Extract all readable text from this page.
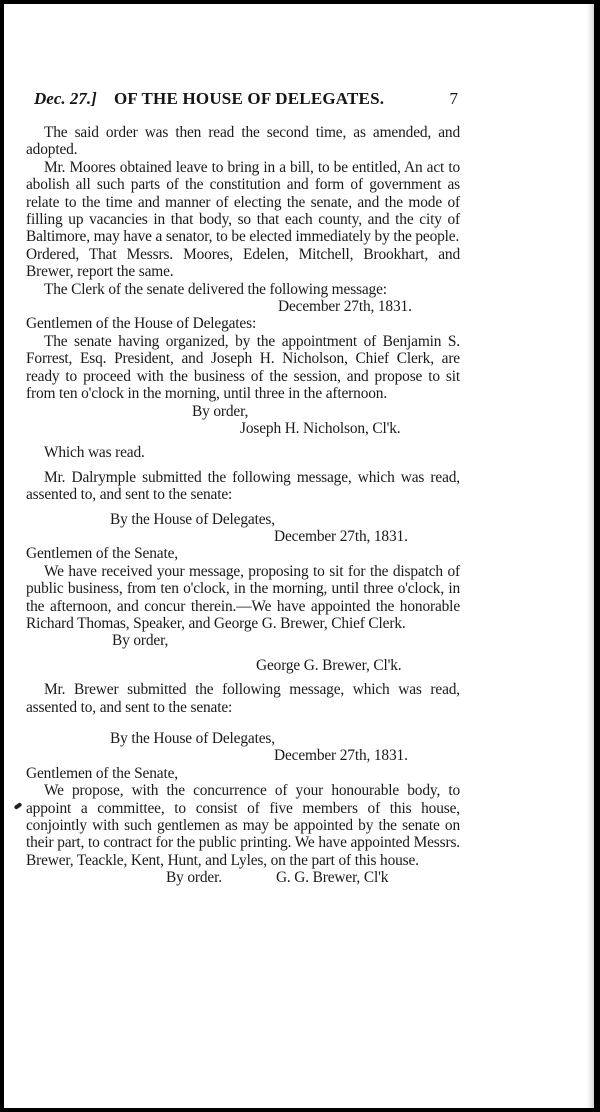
Dec. 27.] OF THE HOUSE OF DELEGATES.	7

The said order was then read the second time, as amended, and adopted.

Mr. Moores obtained leave to bring in a bill, to be entitled, An act to abolish all such parts of the constitution and form of government as relate to the time and manner of electing the senate, and the mode of filling up vacancies in that body, so that each county, and the city of Baltimore, may have a senator, to be elected immediately by the people.

Ordered, That Messrs. Moores, Edelen, Mitchell, Brookhart, and Brewer, report the same.

The Clerk of the senate delivered the following message:

December 27th, 1831.

Gentlemen of the House of Delegates:

The senate having organized, by the appointment of Benjamin S. Forrest, Esq. President, and Joseph H. Nicholson, Chief Clerk, are ready to proceed with the business of the session, and propose to sit from ten o'clock in the morning, until three in the afternoon.

By order,

Joseph H. Nicholson, Cl'k.

Which was read.

Mr. Dalrymple submitted the following message, which was read, assented to, and sent to the senate:

By the House of Delegates,

December 27th, 1831.

Gentlemen of the Senate,

We have received your message, proposing to sit for the dispatch of public business, from ten o'clock, in the morning, until three o'clock, in the afternoon, and concur therein.—We have appointed the honorable Richard Thomas, Speaker, and George G. Brewer, Chief Clerk.

By order,

George G. Brewer, Cl'k.

Mr. Brewer submitted the following message, which was read, assented to, and sent to the senate:

By the House of Delegates,

December 27th, 1831.

Gentlemen of the Senate,

We propose, with the concurrence of your honourable body, to appoint a committee, to consist of five members of this house, conjointly with such gentlemen as may be appointed by the senate on their part, to contract for the public printing. We have appointed Messrs. Brewer, Teackle, Kent, Hunt, and Lyles, on the part of this house.

By order.	G. G. Brewer, Cl'k
